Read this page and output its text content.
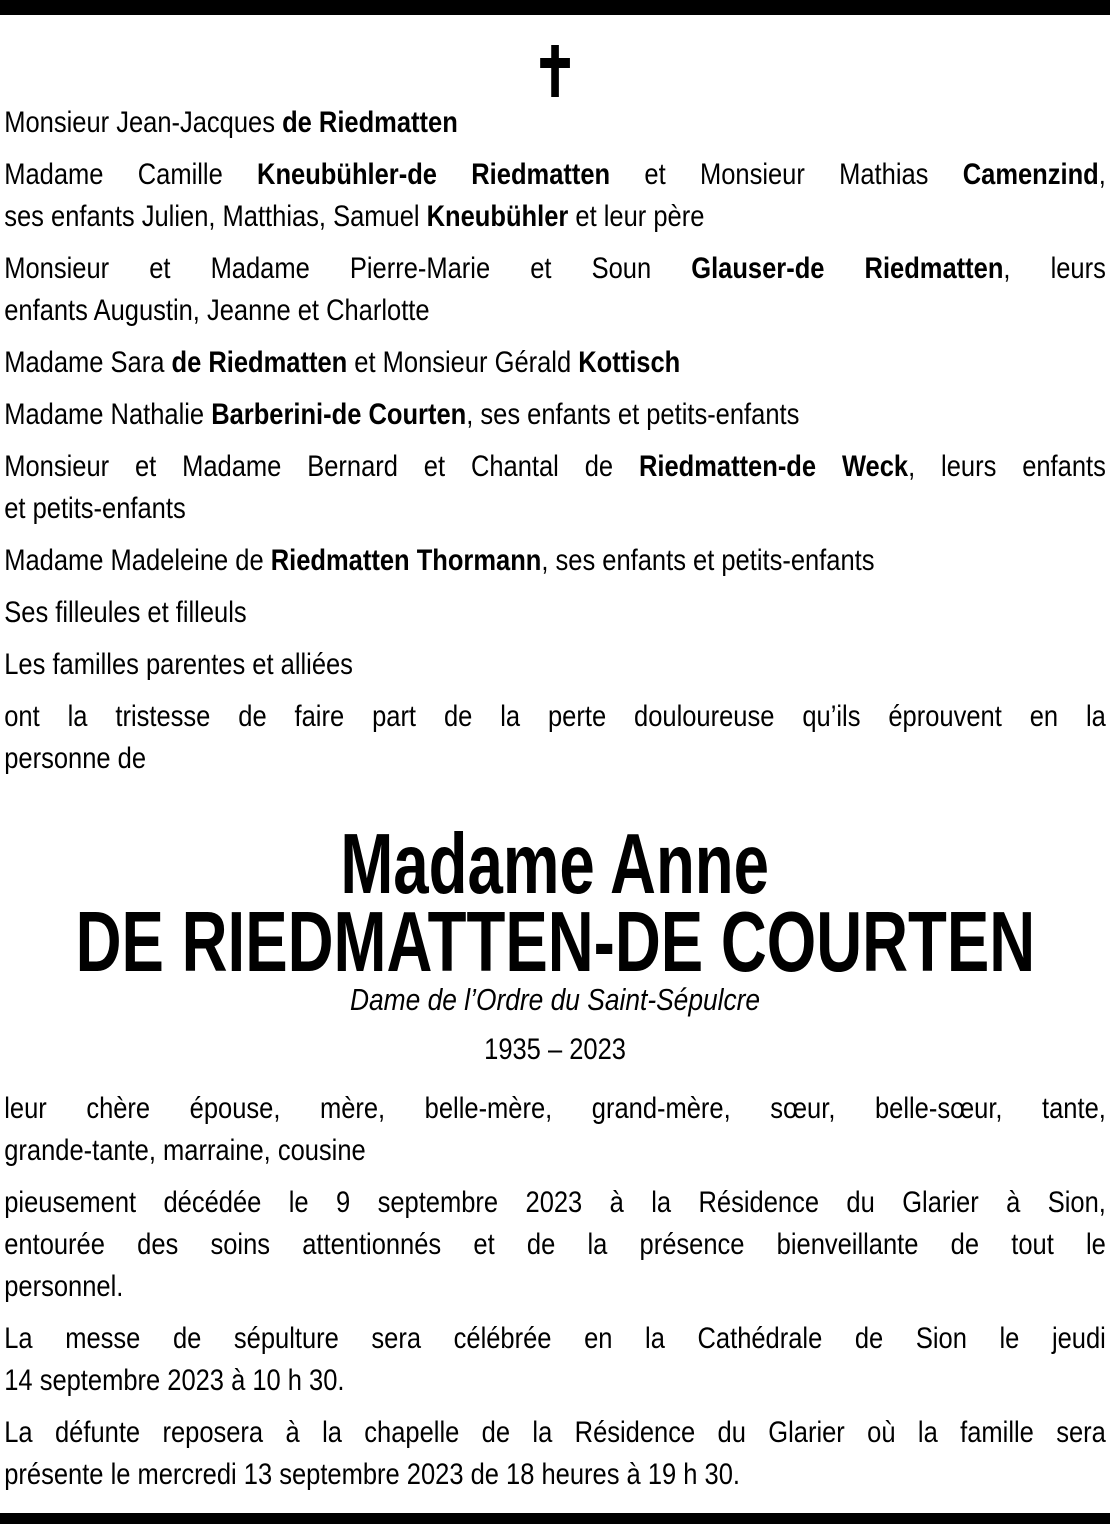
Monsieur Jean-Jacques de Riedmatten
Madame Camille Kneubühler-de Riedmatten et Monsieur Mathias Camenzind,
ses enfants Julien, Matthias, Samuel Kneubühler et leur père
Monsieur et Madame Pierre-Marie et Soun Glauser-de Riedmatten, leurs
enfants Augustin, Jeanne et Charlotte
Madame Sara de Riedmatten et Monsieur Gérald Kottisch
Madame Nathalie Barberini-de Courten, ses enfants et petits-enfants
Monsieur et Madame Bernard et Chantal de Riedmatten-de Weck, leurs enfants
et petits-enfants
Madame Madeleine de Riedmatten Thormann, ses enfants et petits-enfants
Ses filleules et filleuls
Les familles parentes et alliées
ont la tristesse de faire part de la perte douloureuse qu’ils éprouvent en la
personne de
Madame Anne
DE RIEDMATTEN-DE COURTEN
Dame de l’Ordre du Saint-Sépulcre
1935 – 2023
leur chère épouse, mère, belle-mère, grand-mère, sœur, belle-sœur, tante,
grande-tante, marraine, cousine
pieusement décédée le 9 septembre 2023 à la Résidence du Glarier à Sion,
entourée des soins attentionnés et de la présence bienveillante de tout le
personnel.
La messe de sépulture sera célébrée en la Cathédrale de Sion le jeudi
14 septembre 2023 à 10 h 30.
La défunte reposera à la chapelle de la Résidence du Glarier où la famille sera
présente le mercredi 13 septembre 2023 de 18 heures à 19 h 30.
